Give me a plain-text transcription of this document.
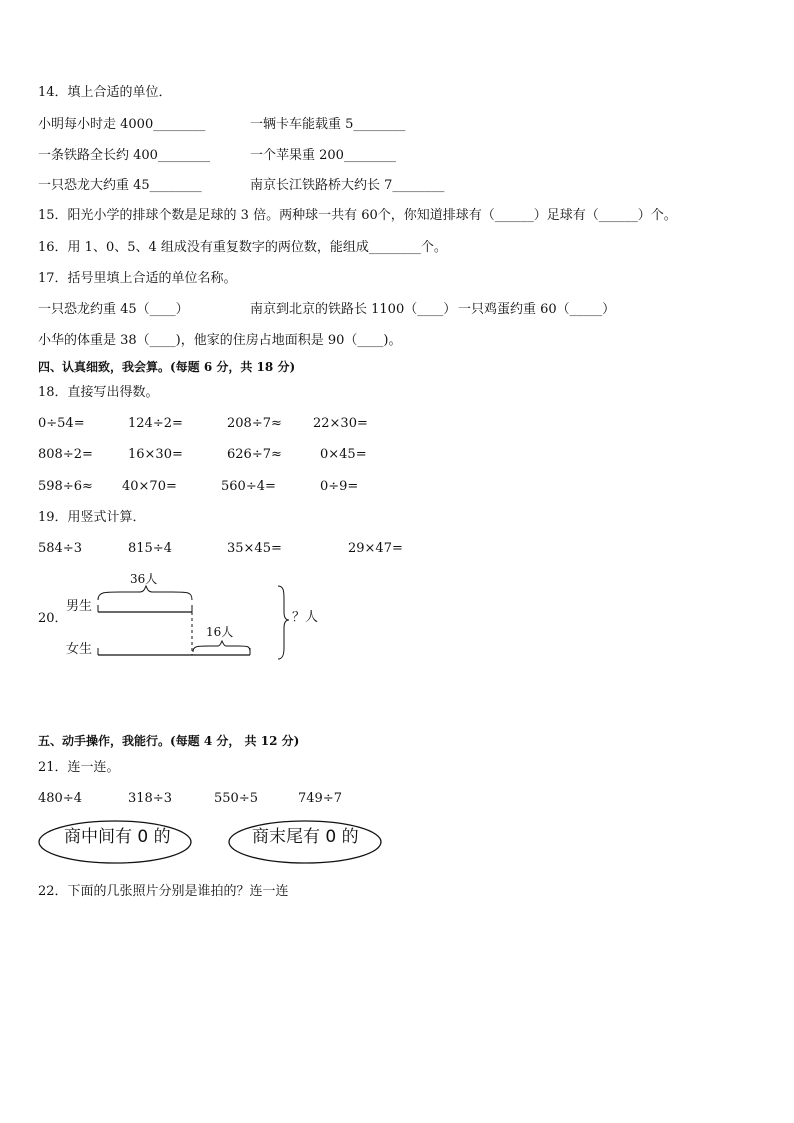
14．填上合适的单位．
小明每小时走 4000________	一辆卡车能载重 5________
一条铁路全长约 400________	一个苹果重 200________
一只恐龙大约重 45________	南京长江铁路桥大约长 7________
15．阳光小学的排球个数是足球的 3 倍。两种球一共有 60个，你知道排球有（______）足球有（______）个。
16．用 1、0、5、4 组成没有重复数字的两位数，能组成________个。
17．括号里填上合适的单位名称。
一只恐龙约重 45（____）	南京到北京的铁路长 1100（____） 一只鸡蛋约重 60（_____）
小华的体重是 38（____)，他家的住房占地面积是 90（____)。
四、认真细致，我会算。(每题 6 分，共 18 分)
18．直接写出得数。
0÷54=	124÷2=	208÷7≈ 22×30=
808÷2=	16×30=	626÷7≈	0×45=
598÷6≈ 40×70=	560÷4=	0÷9=
19．用竖式计算．
584÷3	815÷4	35×45=	29×47=
20．
男生
女生
36人
16人
？人
五、动手操作，我能行。(每题 4 分， 共 12 分)
21．连一连。
480÷4	318÷3	550÷5	749÷7
商中间有 0 的	商末尾有 0 的
22．下面的几张照片分别是谁拍的？连一连
